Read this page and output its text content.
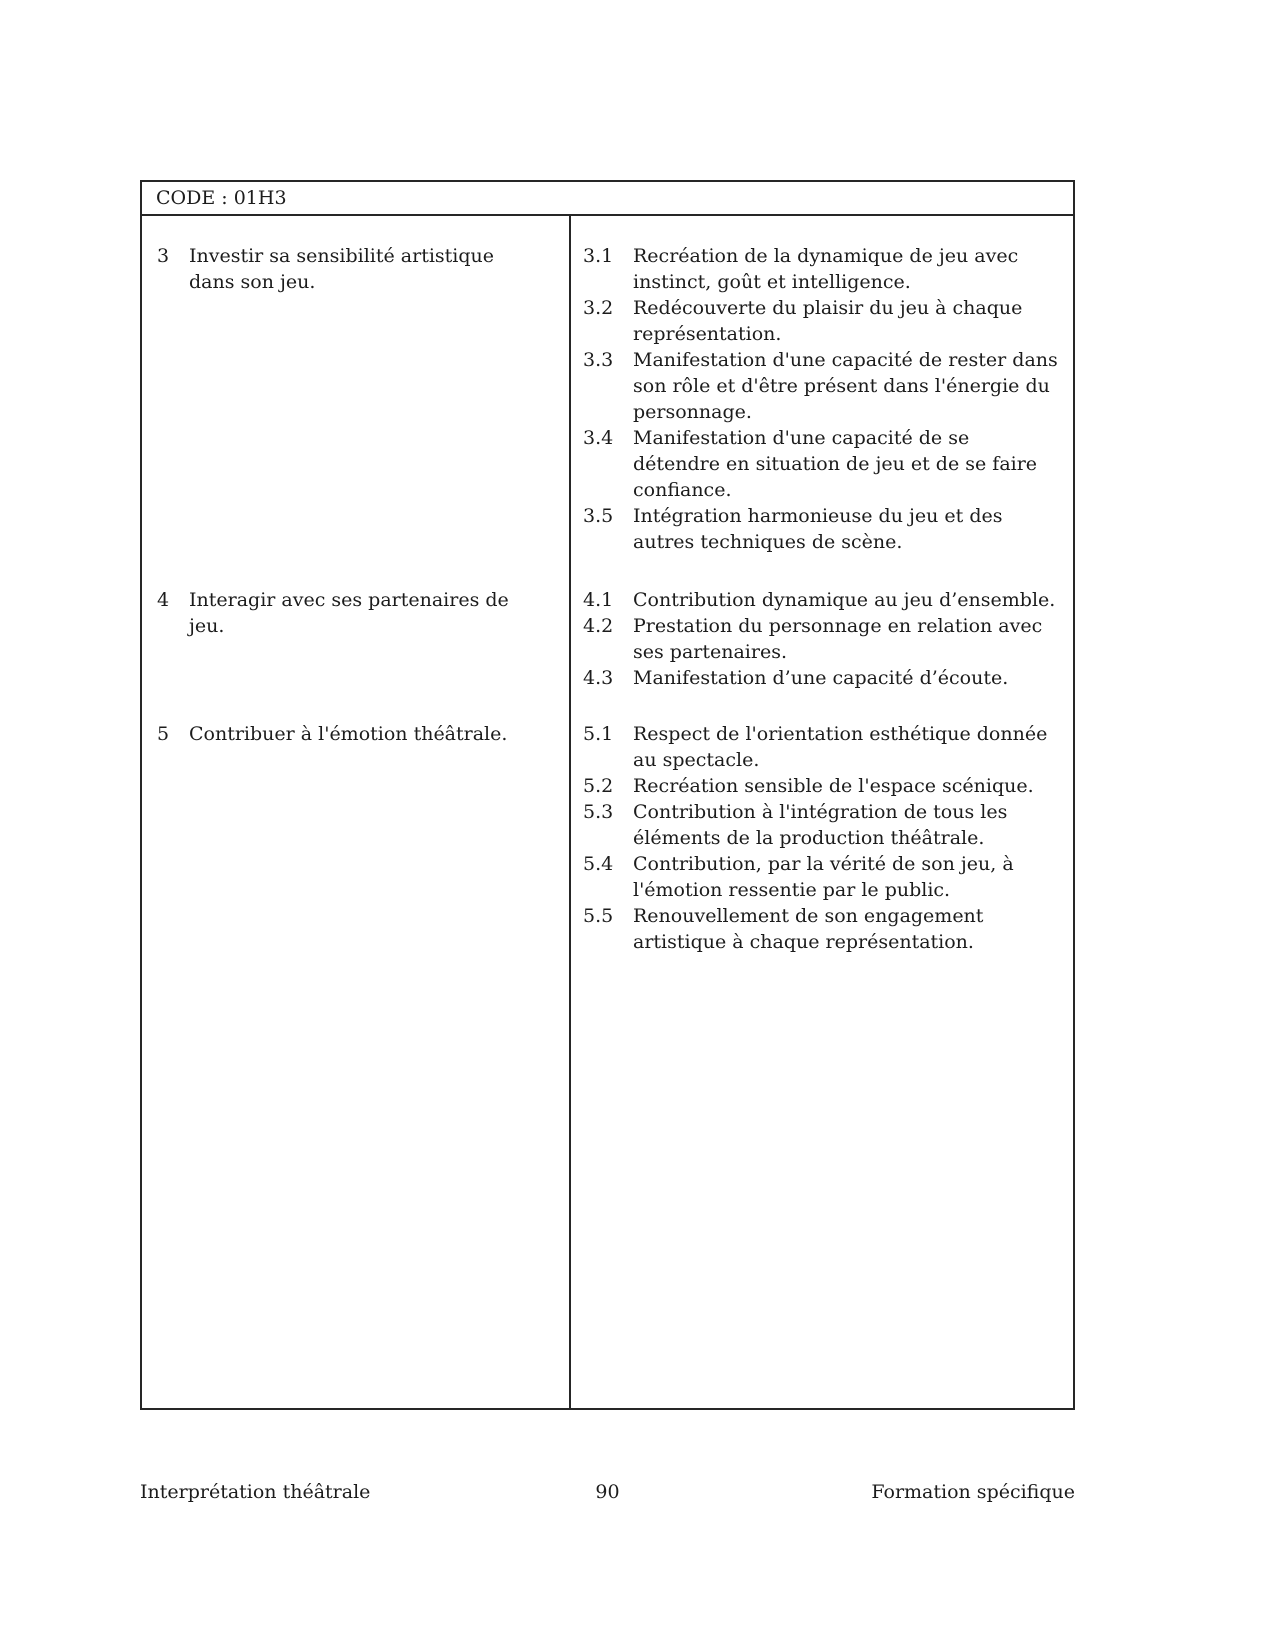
CODE : 01H3
3	Investir sa sensibilité artistique dans son jeu.
3.1	Recréation de la dynamique de jeu avec instinct, goût et intelligence.
3.2	Redécouverte du plaisir du jeu à chaque représentation.
3.3	Manifestation d'une capacité de rester dans son rôle et d'être présent dans l'énergie du personnage.
3.4	Manifestation d'une capacité de se détendre en situation de jeu et de se faire confiance.
3.5	Intégration harmonieuse du jeu et des autres techniques de scène.
4	Interagir avec ses partenaires de jeu.
4.1	Contribution dynamique au jeu d’ensemble.
4.2	Prestation du personnage en relation avec ses partenaires.
4.3	Manifestation d’une capacité d’écoute.
5	Contribuer à l'émotion théâtrale.	5.1	Respect de l'orientation esthétique donnée au spectacle.
5.2	Recréation sensible de l'espace scénique.
5.3	Contribution à l'intégration de tous les éléments de la production théâtrale.
5.4	Contribution, par la vérité de son jeu, à l'émotion ressentie par le public.
5.5	Renouvellement de son engagement artistique à chaque représentation.
Interprétation théâtrale	90	Formation spécifique
